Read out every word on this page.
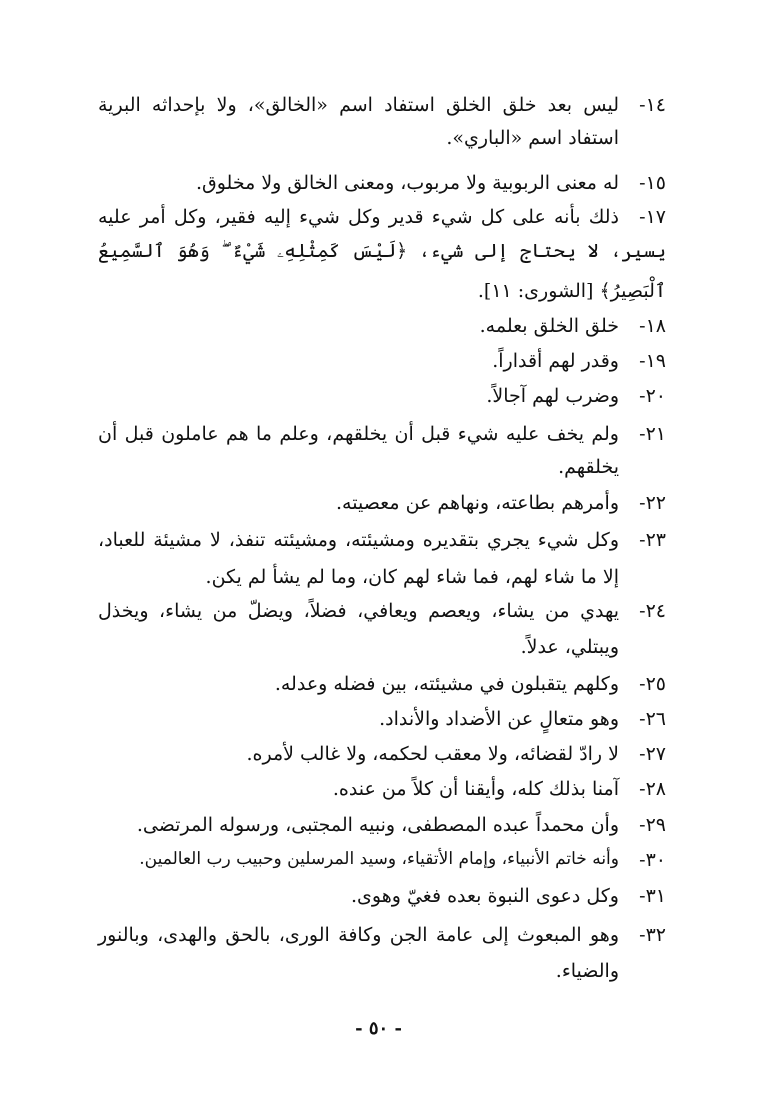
١٤-
ليس بعد خلق الخلق استفاد اسم «الخالق»، ولا بإحداثه البرية
استفاد اسم «الباري».
١٥-
له معنى الربوبية ولا مربوب، ومعنى الخالق ولا مخلوق.
١٧-
ذلك بأنه على كل شيء قدير وكل شيء إليه فقير، وكل أمر عليه
يسير، لا يحتاج إلى شيء، ﴿لَيْسَ كَمِثْلِهِۦ شَيْءٌ ۖ وَهُوَ ٱلسَّمِيعُ
ٱلْبَصِيرُ﴾ [الشورى: ١١].
١٨-
خلق الخلق بعلمه.
١٩-
وقدر لهم أقداراً.
٢٠-
وضرب لهم آجالاً.
٢١-
ولم يخف عليه شيء قبل أن يخلقهم، وعلم ما هم عاملون قبل أن
يخلقهم.
٢٢-
وأمرهم بطاعته، ونهاهم عن معصيته.
٢٣-
وكل شيء يجري بتقديره ومشيئته، ومشيئته تنفذ، لا مشيئة للعباد،
إلا ما شاء لهم، فما شاء لهم كان، وما لم يشأ لم يكن.
٢٤-
يهدي من يشاء، ويعصم ويعافي، فضلاً، ويضلّ من يشاء، ويخذل
ويبتلي، عدلاً.
٢٥-
وكلهم يتقبلون في مشيئته، بين فضله وعدله.
٢٦-
وهو متعالٍ عن الأضداد والأنداد.
٢٧-
لا رادّ لقضائه، ولا معقب لحكمه، ولا غالب لأمره.
٢٨-
آمنا بذلك كله، وأيقنا أن كلاً من عنده.
٢٩-
وأن محمداً عبده المصطفى، ونبيه المجتبى، ورسوله المرتضى.
٣٠-
وأنه خاتم الأنبياء، وإمام الأتقياء، وسيد المرسلين وحبيب رب العالمين.
٣١-
وكل دعوى النبوة بعده فغيّ وهوى.
٣٢-
وهو المبعوث إلى عامة الجن وكافة الورى، بالحق والهدى، وبالنور
والضياء.
- ٥٠ -
